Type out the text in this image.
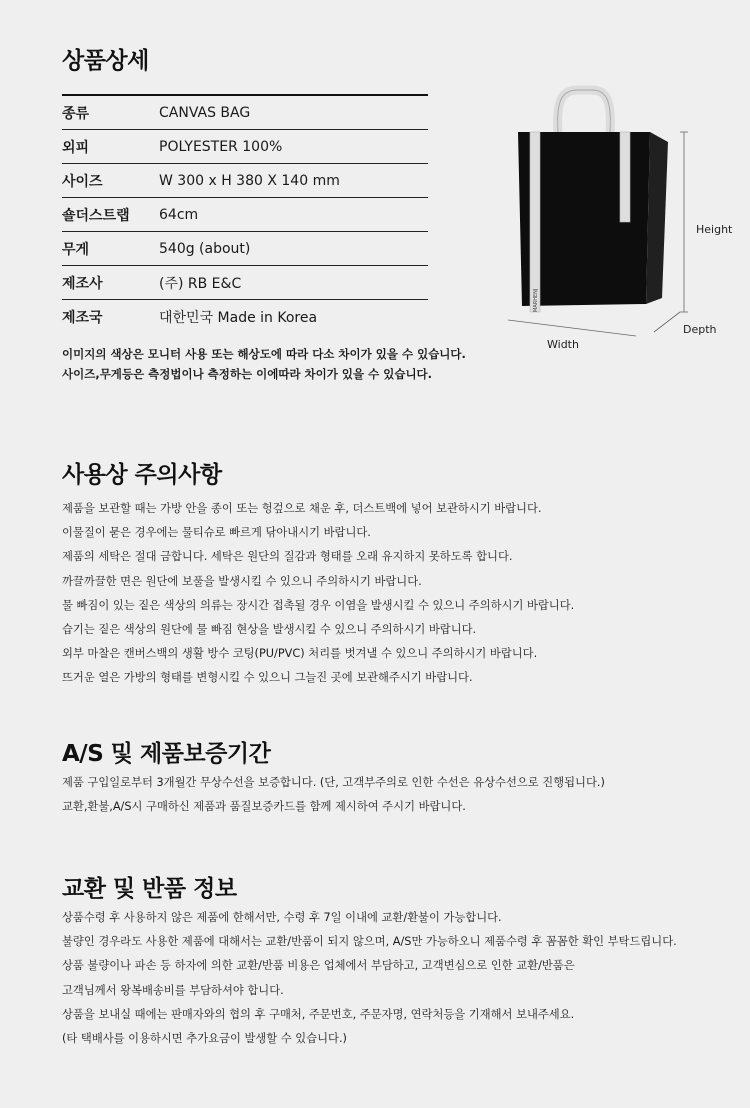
상품상세
종류	CANVAS BAG
외피	POLYESTER 100%
사이즈	W 300 x H 380 X 140 mm
숄더스트랩	64cm
무게	540g (about)
제조사	(주) RB E&C
제조국	대한민국 Made in Korea
이미지의 색상은 모니터 사용 또는 해상도에 따라 다소 차이가 있을 수 있습니다.
사이즈,무게등은 측정법이나 측정하는 이에따라 차이가 있을 수 있습니다.
MARHENJ
Height
Width
Depth
사용상 주의사항

제품을 보관할 때는 가방 안을 종이 또는 헝겊으로 채운 후, 더스트백에 넣어 보관하시기 바랍니다.

이물질이 묻은 경우에는 물티슈로 빠르게 닦아내시기 바랍니다.

제품의 세탁은 절대 금합니다. 세탁은 원단의 질감과 형태를 오래 유지하지 못하도록 합니다.

까끌까끌한 면은 원단에 보풀을 발생시킬 수 있으니 주의하시기 바랍니다.

물 빠짐이 있는 짙은 색상의 의류는 장시간 접촉될 경우 이염을 발생시킬 수 있으니 주의하시기 바랍니다.

습기는 짙은 색상의 원단에 물 빠짐 현상을 발생시킬 수 있으니 주의하시기 바랍니다.

외부 마찰은 캔버스백의 생활 방수 코팅(PU/PVC) 처리를 벗겨낼 수 있으니 주의하시기 바랍니다.

뜨거운 열은 가방의 형태를 변형시킬 수 있으니 그늘진 곳에 보관해주시기 바랍니다.

A/S 및 제품보증기간

제품 구입일로부터 3개월간 무상수선을 보증합니다. (단, 고객부주의로 인한 수선은 유상수선으로 진행됩니다.)

교환,환불,A/S시 구매하신 제품과 품질보증카드를 함께 제시하여 주시기 바랍니다.

교환 및 반품 정보

상품수령 후 사용하지 않은 제품에 한해서만, 수령 후 7일 이내에 교환/환불이 가능합니다.

불량인 경우라도 사용한 제품에 대해서는 교환/반품이 되지 않으며, A/S만 가능하오니 제품수령 후 꼼꼼한 확인 부탁드립니다.

상품 불량이나 파손 등 하자에 의한 교환/반품 비용은 업체에서 부담하고, 고객변심으로 인한 교환/반품은

고객님께서 왕복배송비를 부담하셔야 합니다.

상품을 보내실 때에는 판매자와의 협의 후 구매처, 주문번호, 주문자명, 연락처등을 기재해서 보내주세요.

(타 택배사를 이용하시면 추가요금이 발생할 수 있습니다.)
